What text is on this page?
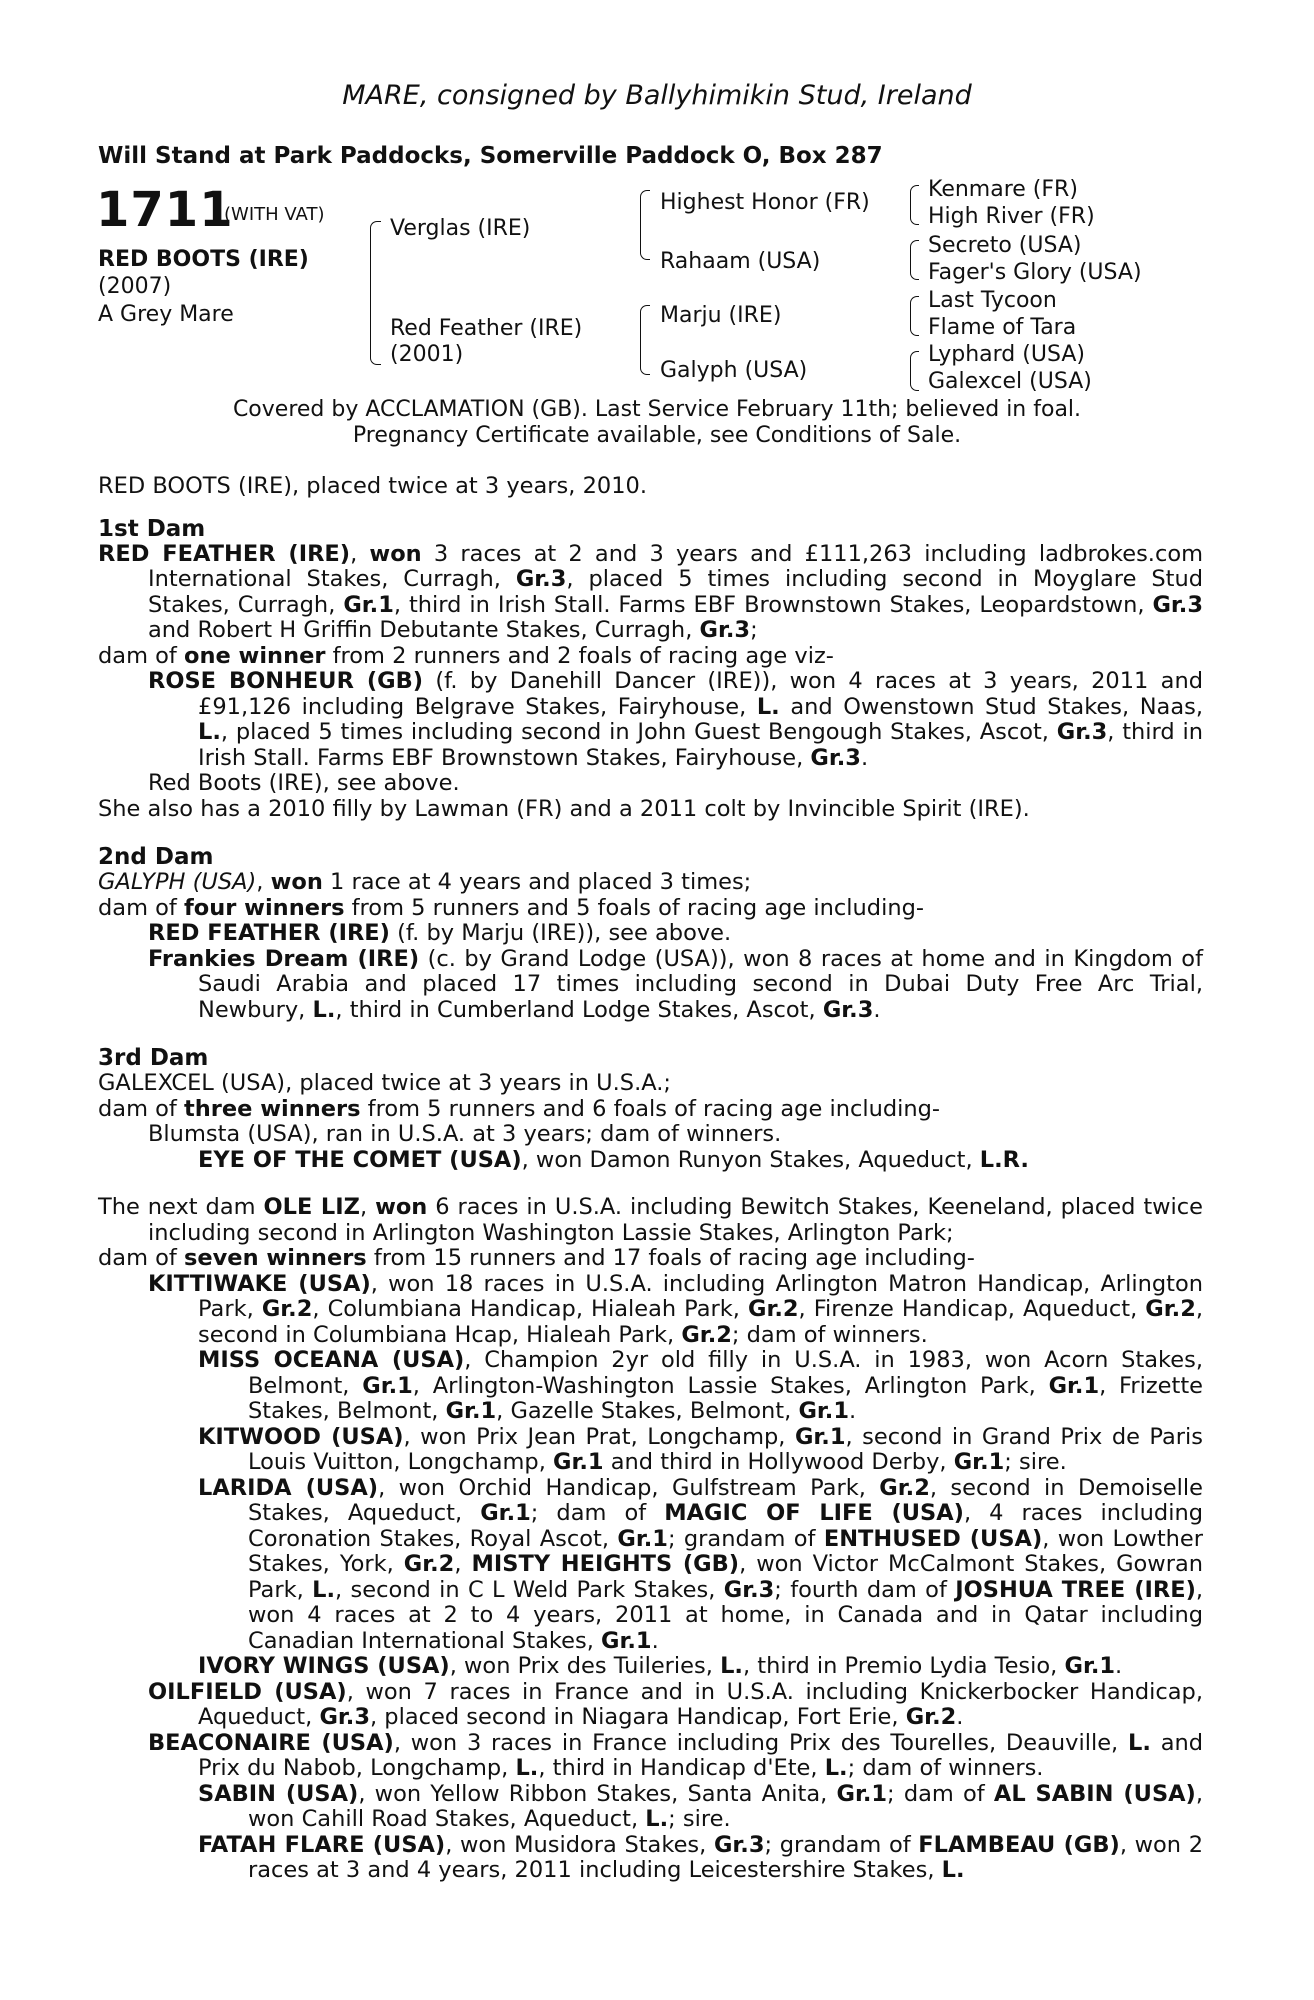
MARE, consigned by Ballyhimikin Stud, Ireland
Will Stand at Park Paddocks, Somerville Paddock O, Box 287
1711
(WITH VAT)
RED BOOTS (IRE)
(2007)
A Grey Mare
Verglas (IRE)
Red Feather (IRE)
(2001)
Highest Honor (FR)
Rahaam (USA)
Marju (IRE)
Galyph (USA)
Kenmare (FR)
High River (FR)
Secreto (USA)
Fager's Glory (USA)
Last Tycoon
Flame of Tara
Lyphard (USA)
Galexcel (USA)
Covered by ACCLAMATION (GB). Last Service February 11th; believed in foal.
Pregnancy Certificate available, see Conditions of Sale.
RED BOOTS (IRE), placed twice at 3 years, 2010.
1st Dam
RED FEATHER (IRE), won 3 races at 2 and 3 years and £111,263 including ladbrokes.com International Stakes, Curragh, Gr.3, placed 5 times including second in Moyglare Stud Stakes, Curragh, Gr.1, third in Irish Stall. Farms EBF Brownstown Stakes, Leopardstown, Gr.3 and Robert H Griffin Debutante Stakes, Curragh, Gr.3;
dam of one winner from 2 runners and 2 foals of racing age viz-
ROSE BONHEUR (GB) (f. by Danehill Dancer (IRE)), won 4 races at 3 years, 2011 and £91,126 including Belgrave Stakes, Fairyhouse, L. and Owenstown Stud Stakes, Naas, L., placed 5 times including second in John Guest Bengough Stakes, Ascot, Gr.3, third in Irish Stall. Farms EBF Brownstown Stakes, Fairyhouse, Gr.3.
Red Boots (IRE), see above.
She also has a 2010 filly by Lawman (FR) and a 2011 colt by Invincible Spirit (IRE).
2nd Dam
GALYPH (USA), won 1 race at 4 years and placed 3 times;
dam of four winners from 5 runners and 5 foals of racing age including-
RED FEATHER (IRE) (f. by Marju (IRE)), see above.
Frankies Dream (IRE) (c. by Grand Lodge (USA)), won 8 races at home and in Kingdom of Saudi Arabia and placed 17 times including second in Dubai Duty Free Arc Trial, Newbury, L., third in Cumberland Lodge Stakes, Ascot, Gr.3.
3rd Dam
GALEXCEL (USA), placed twice at 3 years in U.S.A.;
dam of three winners from 5 runners and 6 foals of racing age including-
Blumsta (USA), ran in U.S.A. at 3 years; dam of winners.
EYE OF THE COMET (USA), won Damon Runyon Stakes, Aqueduct, L.R.
The next dam OLE LIZ, won 6 races in U.S.A. including Bewitch Stakes, Keeneland, placed twice including second in Arlington Washington Lassie Stakes, Arlington Park;
dam of seven winners from 15 runners and 17 foals of racing age including-
KITTIWAKE (USA), won 18 races in U.S.A. including Arlington Matron Handicap, Arlington Park, Gr.2, Columbiana Handicap, Hialeah Park, Gr.2, Firenze Handicap, Aqueduct, Gr.2, second in Columbiana Hcap, Hialeah Park, Gr.2; dam of winners.
MISS OCEANA (USA), Champion 2yr old filly in U.S.A. in 1983, won Acorn Stakes, Belmont, Gr.1, Arlington-Washington Lassie Stakes, Arlington Park, Gr.1, Frizette Stakes, Belmont, Gr.1, Gazelle Stakes, Belmont, Gr.1.
KITWOOD (USA), won Prix Jean Prat, Longchamp, Gr.1, second in Grand Prix de Paris Louis Vuitton, Longchamp, Gr.1 and third in Hollywood Derby, Gr.1; sire.
LARIDA (USA), won Orchid Handicap, Gulfstream Park, Gr.2, second in Demoiselle Stakes, Aqueduct, Gr.1; dam of MAGIC OF LIFE (USA), 4 races including Coronation Stakes, Royal Ascot, Gr.1; grandam of ENTHUSED (USA), won Lowther Stakes, York, Gr.2, MISTY HEIGHTS (GB), won Victor McCalmont Stakes, Gowran Park, L., second in C L Weld Park Stakes, Gr.3; fourth dam of JOSHUA TREE (IRE), won 4 races at 2 to 4 years, 2011 at home, in Canada and in Qatar including Canadian International Stakes, Gr.1.
IVORY WINGS (USA), won Prix des Tuileries, L., third in Premio Lydia Tesio, Gr.1.
OILFIELD (USA), won 7 races in France and in U.S.A. including Knickerbocker Handicap, Aqueduct, Gr.3, placed second in Niagara Handicap, Fort Erie, Gr.2.
BEACONAIRE (USA), won 3 races in France including Prix des Tourelles, Deauville, L. and Prix du Nabob, Longchamp, L., third in Handicap d'Ete, L.; dam of winners.
SABIN (USA), won Yellow Ribbon Stakes, Santa Anita, Gr.1; dam of AL SABIN (USA), won Cahill Road Stakes, Aqueduct, L.; sire.
FATAH FLARE (USA), won Musidora Stakes, Gr.3; grandam of FLAMBEAU (GB), won 2 races at 3 and 4 years, 2011 including Leicestershire Stakes, L.
